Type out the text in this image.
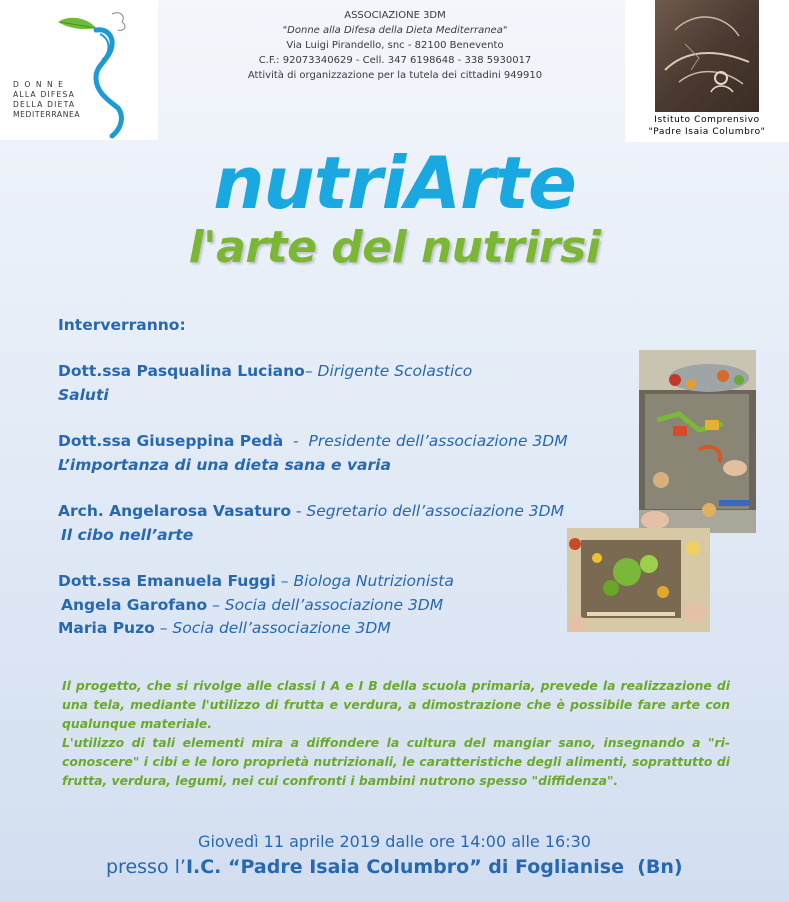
DONNE
ALLA DIFESA
DELLA DIETA
MEDITERRANEA
ASSOCIAZIONE 3DM
"Donne alla Difesa della Dieta Mediterranea"
Via Luigi Pirandello, snc - 82100 Benevento
C.F.: 92073340629 - Cell. 347 6198648 - 338 5930017
Attività di organizzazione per la tutela dei cittadini 949910
Istituto Comprensivo
"Padre Isaia Columbro"
nutriArte
l'arte del nutrirsi
Interverranno:
Dott.ssa Pasqualina Luciano– Dirigente Scolastico
Saluti
Dott.ssa Giuseppina Pedà  -  Presidente dell’associazione 3DM
L’importanza di una dieta sana e varia
Arch. Angelarosa Vasaturo - Segretario dell’associazione 3DM
Il cibo nell’arte
Dott.ssa Emanuela Fuggi – Biologa Nutrizionista
Angela Garofano – Socia dell’associazione 3DM
Maria Puzo – Socia dell’associazione 3DM
Il progetto, che si rivolge alle classi I A e I B della scuola primaria, prevede la realizzazione di una tela, mediante l'utilizzo di frutta e verdura, a dimostrazione che è possibile fare arte con qualunque materiale.
L'utilizzo di tali elementi mira a diffondere la cultura del mangiar sano, insegnando a "ri-conoscere" i cibi e le loro proprietà nutrizionali, le caratteristiche degli alimenti, soprattutto di frutta, verdura, legumi, nei cui confronti i bambini nutrono spesso "diffidenza".
Giovedì 11 aprile 2019 dalle ore 14:00 alle 16:30
presso l’I.C. “Padre Isaia Columbro” di Foglianise  (Bn)
